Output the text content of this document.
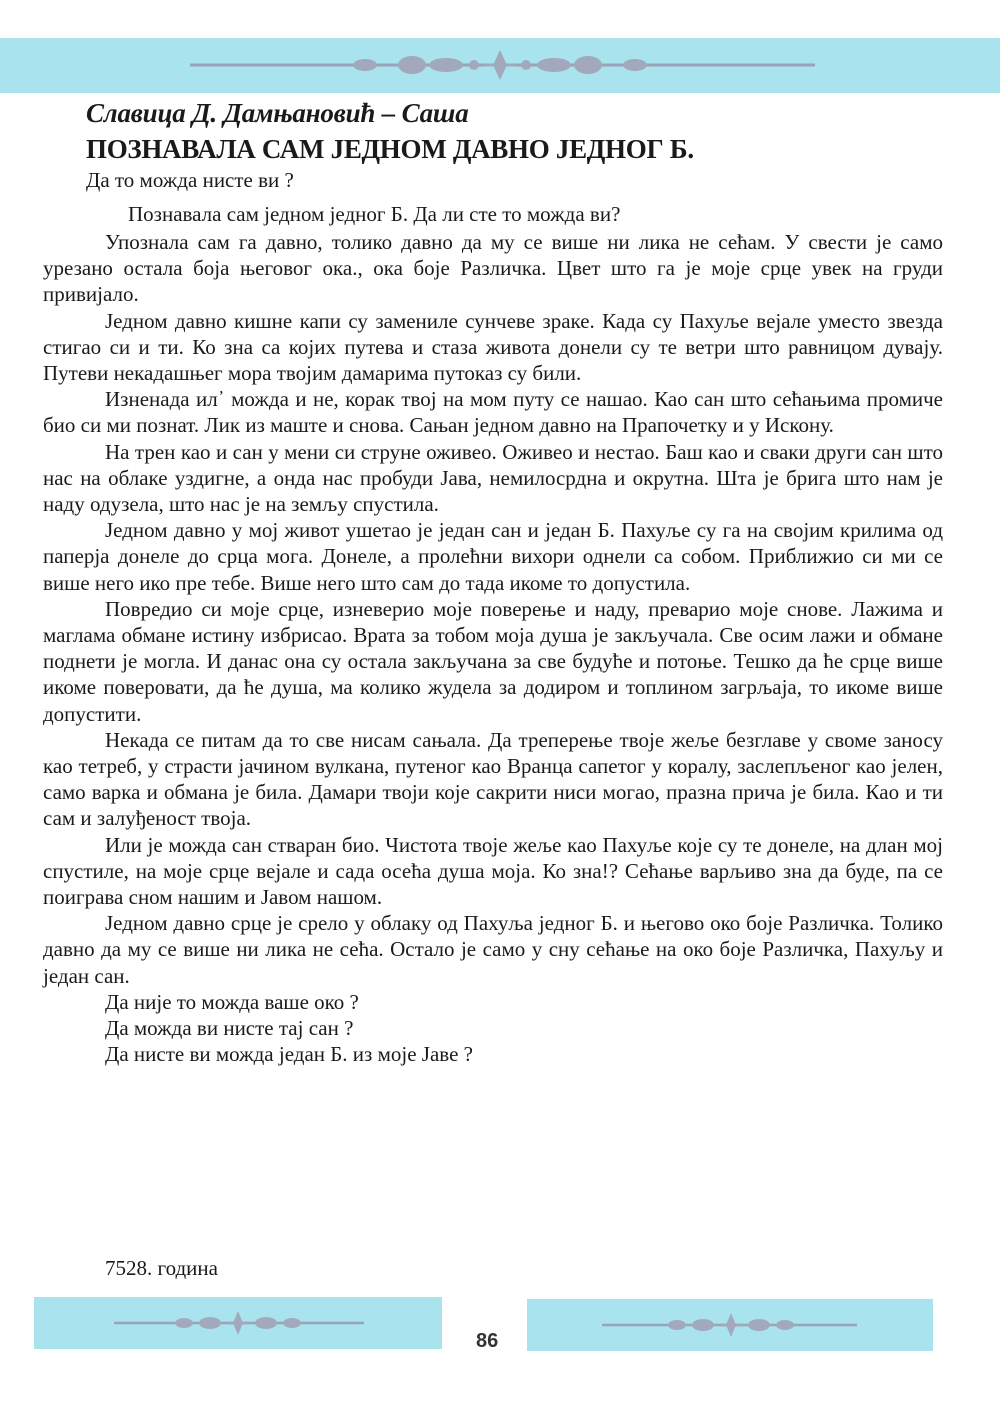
Славица Д. Дамњановић – Саша
ПОЗНАВАЛА САМ ЈЕДНОМ ДАВНО ЈЕДНОГ Б.
Да то можда нисте ви ?

Познавала сам једном једног Б. Да ли сте то можда ви?

Упознала сам га давно, толико давно да му се више ни лика не сећам. У свести је само урезано остала боја његовог ока., ока боје Различка. Цвет што га је моје срце увек на груди привијало.

Једном давно кишне капи су замениле сунчеве зраке. Када су Пахуље вејале уместо звезда стигао си и ти. Ко зна са којих путева и стаза живота донели су те ветри што равницом дувају. Путеви некадашњег мора твојим дамарима путоказ су били.

Изненада ил᾽ можда и не, корак твој на мом путу се нашао. Као сан што сећањима промиче био си ми познат. Лик из маште и снова. Сањан једном давно на Прапочетку и у Искону.

На трен као и сан у мени си струне оживео. Оживео и нестао. Баш као и сваки други сан што нас на облаке уздигне, а онда нас пробуди Јава, немилосрдна и окрутна. Шта је брига што нам је наду одузела, што нас је на земљу спустила.

Једном давно у мој живот ушетао је један сан и један Б. Пахуље су га на својим крилима од паперја донеле до срца мога. Донеле, а пролећни вихори однели са собом. Приближио си ми се више него ико пре тебе. Више него што сам до тада икоме то допустила.

Повредио си моје срце, изневерио моје поверење и наду, преварио моје снове. Лажима и маглама обмане истину избрисао. Врата за тобом моја душа је закључала. Све осим лажи и обмане поднети је могла. И данас она су остала закључана за све будуће и потоње. Тешко да ће срце више икоме поверовати, да ће душа, ма колико жудела за додиром и топлином загрљаја, то икоме више допустити.

Некада се питам да то све нисам сањала. Да трепeрење твоје жеље безглаве у своме заносу као тетреб, у страсти јачином вулкана, путеног као Вранца сапетог у коралу, заслепљеног као јелен, само варка и обмана је била. Дамари твоји које сакрити ниси могао, празна прича је била. Као и ти сам и залуђеност твоја.

Или је можда сан стваран био. Чистота твоје жеље као Пахуље које су те донеле, на длан мој спустиле, на моје срце вејале и сада осећа душа моја. Ко зна!? Сећање варљиво зна да буде, па се поиграва сном нашим и Јавом нашом.

Једном давно срце је срело у облаку од Пахуља једног Б. и његово око боје Различка. Толико давно да му се више ни лика не сећа. Остало је само у сну сећање на око боје Различка, Пахуљу и један сан.

Да није то можда ваше око ?

Да можда ви нисте тај сан ?

Да нисте ви можда један Б. из моје Јаве ?

7528. година
86
